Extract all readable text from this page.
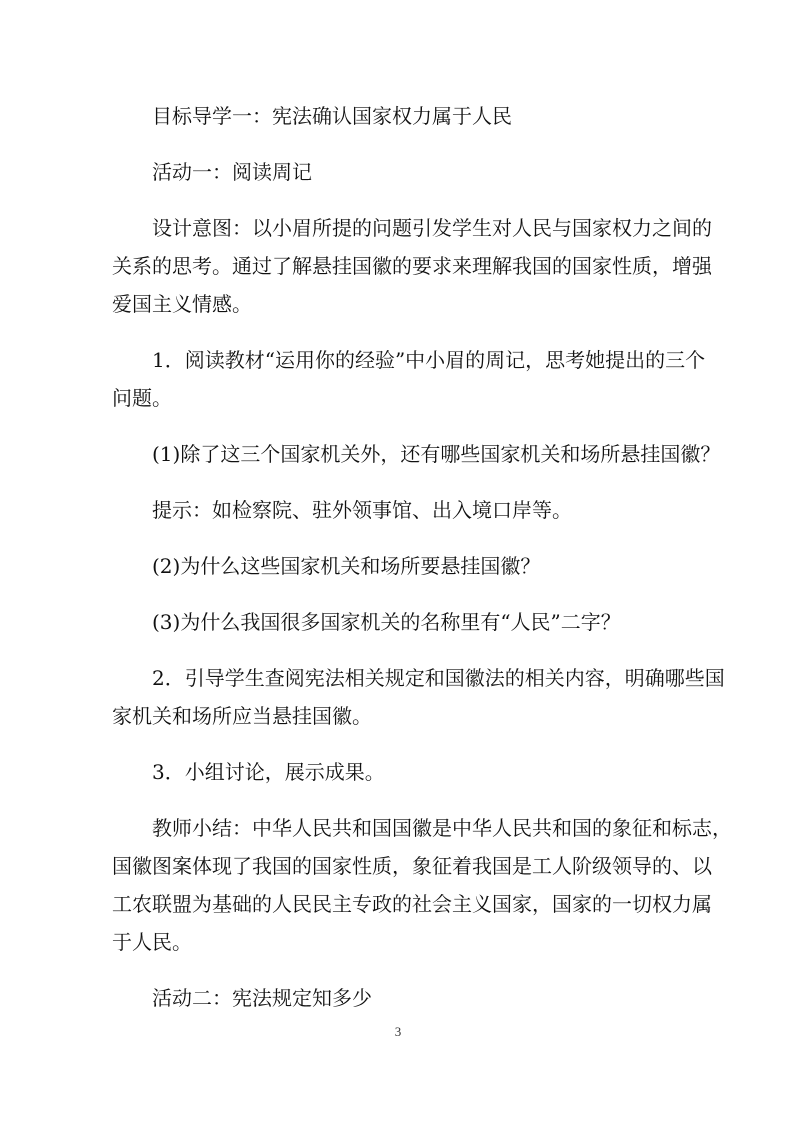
目标导学一：宪法确认国家权力属于人民

活动一：阅读周记

设计意图：以小眉所提的问题引发学生对人民与国家权力之间的

关系的思考。通过了解悬挂国徽的要求来理解我国的国家性质，增强

爱国主义情感。

1．阅读教材“运用你的经验”中小眉的周记，思考她提出的三个

问题。

(1)除了这三个国家机关外，还有哪些国家机关和场所悬挂国徽？

提示：如检察院、驻外领事馆、出入境口岸等。

(2)为什么这些国家机关和场所要悬挂国徽？

(3)为什么我国很多国家机关的名称里有“人民”二字？

2．引导学生查阅宪法相关规定和国徽法的相关内容，明确哪些国

家机关和场所应当悬挂国徽。

3．小组讨论，展示成果。

教师小结：中华人民共和国国徽是中华人民共和国的象征和标志，

国徽图案体现了我国的国家性质，象征着我国是工人阶级领导的、以

工农联盟为基础的人民民主专政的社会主义国家，国家的一切权力属

于人民。

活动二：宪法规定知多少

3
